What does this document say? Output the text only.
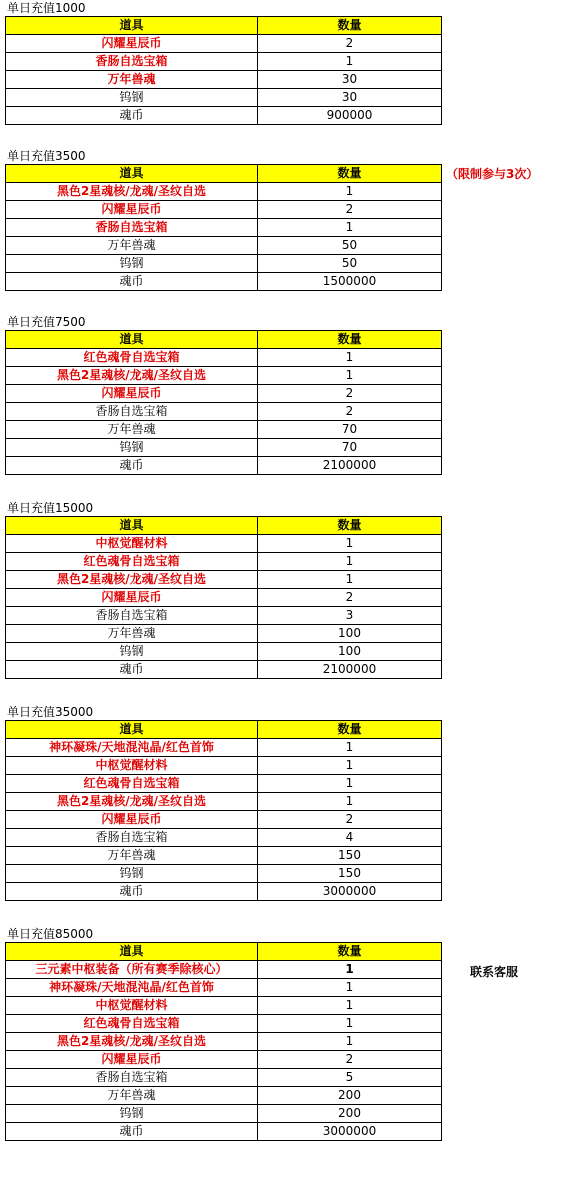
单日充值1000
道具	数量
闪耀星辰币	2
香肠自选宝箱	1
万年兽魂	30
钨钢	30
魂币	900000
单日充值3500
道具	数量
黑色2星魂核/龙魂/圣纹自选	1
闪耀星辰币	2
香肠自选宝箱	1
万年兽魂	50
钨钢	50
魂币	1500000
单日充值7500
道具	数量
红色魂骨自选宝箱	1
黑色2星魂核/龙魂/圣纹自选	1
闪耀星辰币	2
香肠自选宝箱	2
万年兽魂	70
钨钢	70
魂币	2100000
单日充值15000
道具	数量
中枢觉醒材料	1
红色魂骨自选宝箱	1
黑色2星魂核/龙魂/圣纹自选	1
闪耀星辰币	2
香肠自选宝箱	3
万年兽魂	100
钨钢	100
魂币	2100000
单日充值35000
道具	数量
神环凝珠/天地混沌晶/红色首饰	1
中枢觉醒材料	1
红色魂骨自选宝箱	1
黑色2星魂核/龙魂/圣纹自选	1
闪耀星辰币	2
香肠自选宝箱	4
万年兽魂	150
钨钢	150
魂币	3000000
单日充值85000
道具	数量
三元素中枢装备（所有赛季除核心）	1
神环凝珠/天地混沌晶/红色首饰	1
中枢觉醒材料	1
红色魂骨自选宝箱	1
黑色2星魂核/龙魂/圣纹自选	1
闪耀星辰币	2
香肠自选宝箱	5
万年兽魂	200
钨钢	200
魂币	3000000
（限制参与3次）
联系客服
